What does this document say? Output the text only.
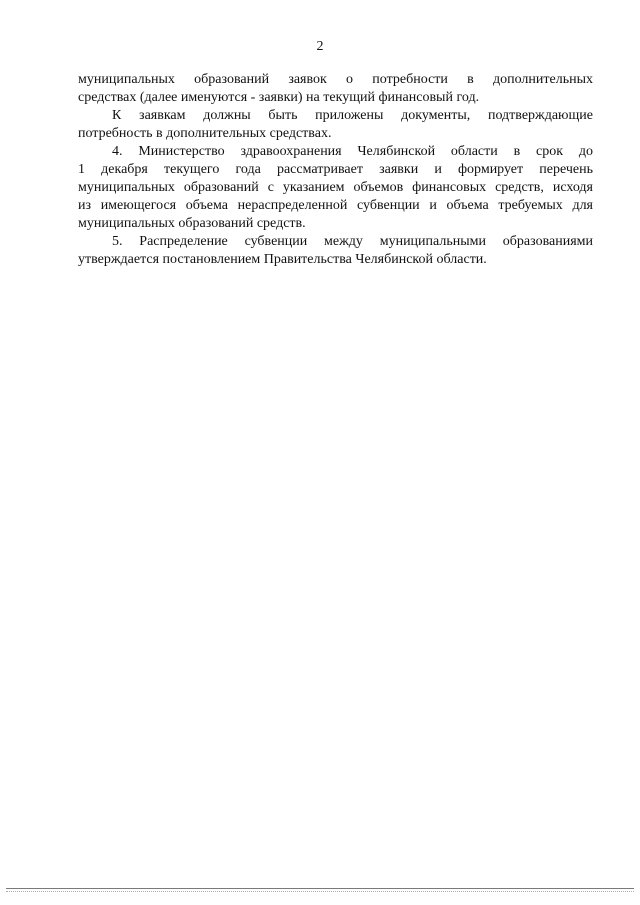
2
муниципальных образований заявок о потребности в дополнительных
средствах (далее именуются - заявки) на текущий финансовый год.
К заявкам должны быть приложены документы, подтверждающие
потребность в дополнительных средствах.
4. Министерство здравоохранения Челябинской области в срок до
1 декабря текущего года рассматривает заявки и формирует перечень
муниципальных образований с указанием объемов финансовых средств, исходя
из имеющегося объема нераспределенной субвенции и объема требуемых для
муниципальных образований средств.
5. Распределение субвенции между муниципальными образованиями
утверждается постановлением Правительства Челябинской области.
